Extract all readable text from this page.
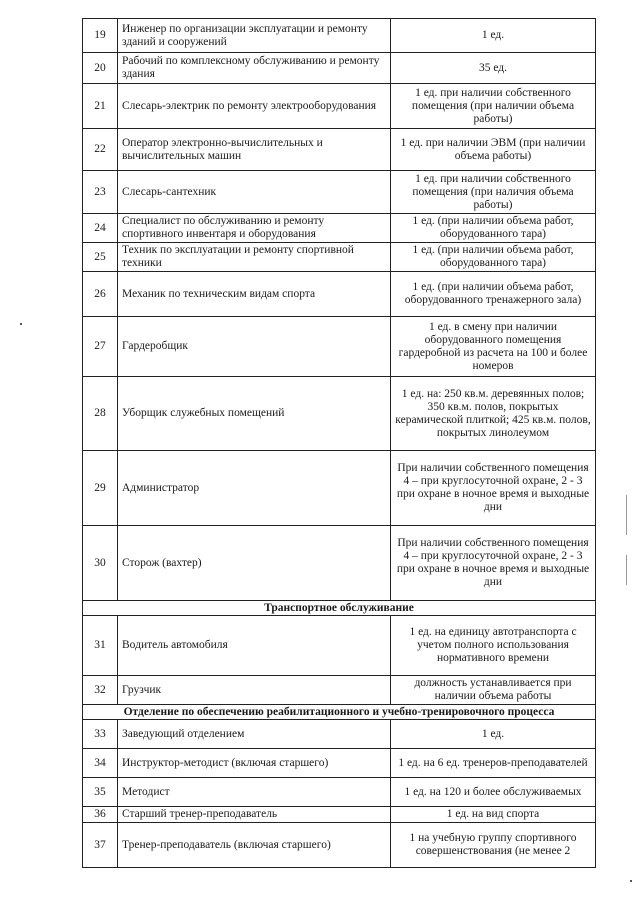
19	Инженер по организации эксплуатации и ремонту зданий и сооружений	1 ед.
20	Рабочий по комплексному обслуживанию и ремонту здания	35 ед.
21	Слесарь-электрик по ремонту электрооборудования	1 ед. при наличии собственного помещения (при наличии объема работы)
22	Оператор электронно-вычислительных и вычислительных машин	1 ед. при наличии ЭВМ (при наличии объема работы)
23	Слесарь-сантехник	1 ед. при наличии собственного помещения (при наличия объема работы)
24	Специалист по обслуживанию и ремонту спортивного инвентаря и оборудования	1 ед. (при наличии объема работ, оборудованного тара)
25	Техник по эксплуатации и ремонту спортивной техники	1 ед. (при наличии объема работ, оборудованного тара)
26	Механик по техническим видам спорта	1 ед. (при наличии объема работ, оборудованного тренажерного зала)
27	Гардеробщик	1 ед. в смену при наличии оборудованного помещения гардеробной из расчета на 100 и более номеров
28	Уборщик служебных помещений	1 ед. на: 250 кв.м. деревянных полов; 350 кв.м. полов, покрытых керамической плиткой; 425 кв.м. полов, покрытых линолеумом
29	Администратор	При наличии собственного помещения 4 – при круглосуточной охране, 2 - 3 при охране в ночное время и выходные дни
30	Сторож (вахтер)	При наличии собственного помещения 4 – при круглосуточной охране, 2 - 3 при охране в ночное время и выходные дни
Транспортное обслуживание		
31	Водитель автомобиля	1 ед. на единицу автотранспорта с учетом полного использования нормативного времени
32	Грузчик	должность устанавливается при наличии объема работы
Отделение по обеспечению реабилитационного и учебно-тренировочного процесса		
33	Заведующий отделением	1 ед.
34	Инструктор-методист (включая старшего)	1 ед. на 6 ед. тренеров-преподавателей
35	Методист	1 ед. на 120 и более обслуживаемых
36	Старший тренер-преподаватель	1 ед. на вид спорта
37	Тренер-преподаватель (включая старшего)	1 на учебную группу спортивного совершенствования (не менее 2
